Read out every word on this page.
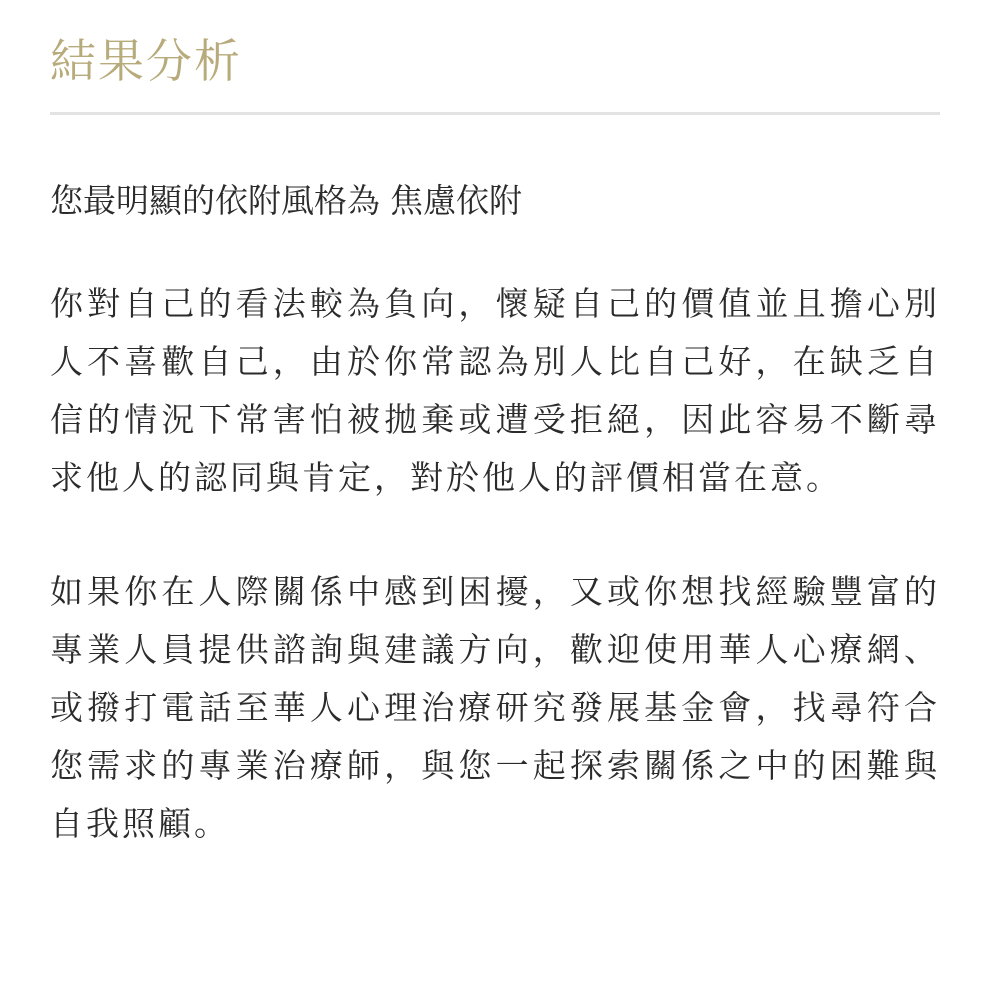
結果分析

您最明顯的依附風格為 焦慮依附

你對自己的看法較為負向，懷疑自己的價值並且擔心別人不喜歡自己，由於你常認為別人比自己好，在缺乏自信的情況下常害怕被拋棄或遭受拒絕，因此容易不斷尋求他人的認同與肯定，對於他人的評價相當在意。

如果你在人際關係中感到困擾，又或你想找經驗豐富的專業人員提供諮詢與建議方向，歡迎使用華人心療網、或撥打電話至華人心理治療研究發展基金會，找尋符合您需求的專業治療師，與您一起探索關係之中的困難與自我照顧。
